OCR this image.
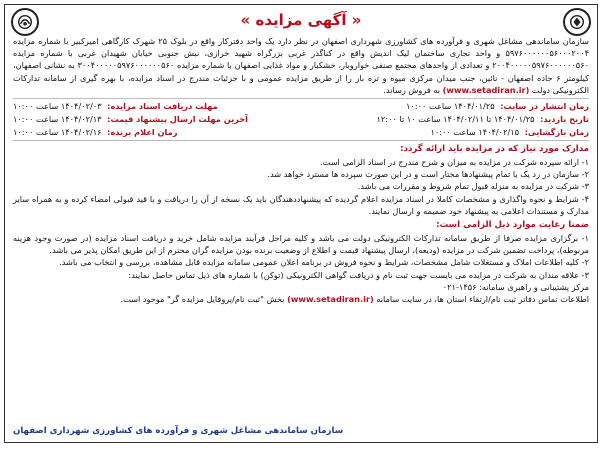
« آگهی مزایده »

سازمان ساماندهی مشاغل شهری و فرآورده های کشاورزی شهرداری اصفهان در نظر دارد یک واحد دفترکار واقع در بلوک ۲۵ شهرک کارگاهی امیرکبیر با شماره مزایده ۵۹۷۶۰۰۰۰۰۰۵۶۰۰۰۲۰۰۴ و واحد تجاری ساختمان لیک اندیش واقع در کناگذر غربی بزرگراه شهید خرازی، نبش جنوبی خیابان شهیدان غربی با شماره مزایده ۲۰۰۴۰۰۰۰۰۵۹۷۶۰۰۰۰۰۰۵۶۰ و تعدادی از واحدهای مجتمع صنفی خواروبار، خشکبار و مواد غذایی اصفهان با شماره مزایده ۳۰۰۴۰۰۰۰۰۵۹۷۶۰۰۰۰۰۰۵۶۰ به نشانی اصفهان، کیلومتر ۶ جاده اصفهان - نائین، جنب میدان مرکزی میوه و تره بار را از طریق مزایده عمومی و با جزئیات مندرج در اسناد مزایده، با بهره گیری از سامانه تدارکات الکترونیکی دولت (www.setadiran.ir) به فروش رساند.

زمان انتشار در سایت: ۱۴۰۴/۰۱/۲۵ ساعت ۱۰:۰۰
مهلت دریافت اسناد مزایده: ۱۴۰۴/۰۲/۰۳ ساعت ۱۰:۰۰
تاریخ بازدید: ۱۴۰۴/۰۱/۲۵ تا ۱۴۰۴/۰۲/۱۱ ساعت ۱۰ تا ۱۲:۰۰
آخرین مهلت ارسال پیشنهاد قیمت: ۱۴۰۴/۰۲/۱۳ ساعت ۱۰:۰۰
زمان بازگشایی: ۱۴۰۴/۰۲/۱۵ ساعت ۱۰:۰۰
زمان اعلام برنده: ۱۴۰۴/۰۲/۱۶ ساعت ۱۰:۰۰
مدارک مورد نیاز که در مزایده باید ارائه گردد:

۱- ارائه سپرده شرکت در مزایده به میزان و شرح مندرج در اسناد الزامی است.

۲- سازمان در رد یک یا تمام پیشنهادها مختار است و در این صورت سپرده ها مسترد خواهد شد.

۳- شرکت در مزایده به منزله قبول تمام شروط و مقررات می باشد.

۴- شرایط و نحوه واگذاری و مشخصات کاملا در اسناد مزایده اعلام گردیده که پیشنهاددهندگان باید یک نسخه از آن را دریافت و با قید قبولی امضاء کرده و به همراه سایر مدارک و مستندات اعلامی به پیشنهاد خود ضمیمه و ارسال نمایند.

ضمنا رعایت موارد ذیل الزامی است:

۱- برگزاری مزایده صرفا از طریق سامانه تدارکات الکترونیکی دولت می باشد و کلیه مراحل فرآیند مزایده شامل خرید و دریافت اسناد مزایده (در صورت وجود هزینه مربوطه)، پرداخت تضمین شرکت در مزایده (ودیعه)، ارسال پیشنهاد قیمت و اطلاع از وضعیت برنده بودن مزایده گران محترم از این طریق امکان پذیر می باشد.

۲- کلیه اطلاعات املاک و مستغلات شامل مشخصات، شرایط و نحوه فروش در برنامه اعلان عمومی سامانه مزایده قابل مشاهده، بررسی و انتخاب می باشد.

۳- علاقه مندان به شرکت در مزایده می بایست جهت ثبت نام و دریافت گواهی الکترونیکی (توکن) با شماره های ذیل تماس حاصل نمایند:

مرکز پشتیبانی و راهبری سامانه: ۱۴۵۶-۰۲۱

اطلاعات تماس دفاتر ثبت نام/ارتقاء استان ها، در سایت سامانه (www.setadiran.ir) بخش "ثبت نام/پروفایل مزایده گر" موجود است.

سازمان ساماندهی مشاغل شهری و فرآورده های کشاورزی شهرداری اصفهان
